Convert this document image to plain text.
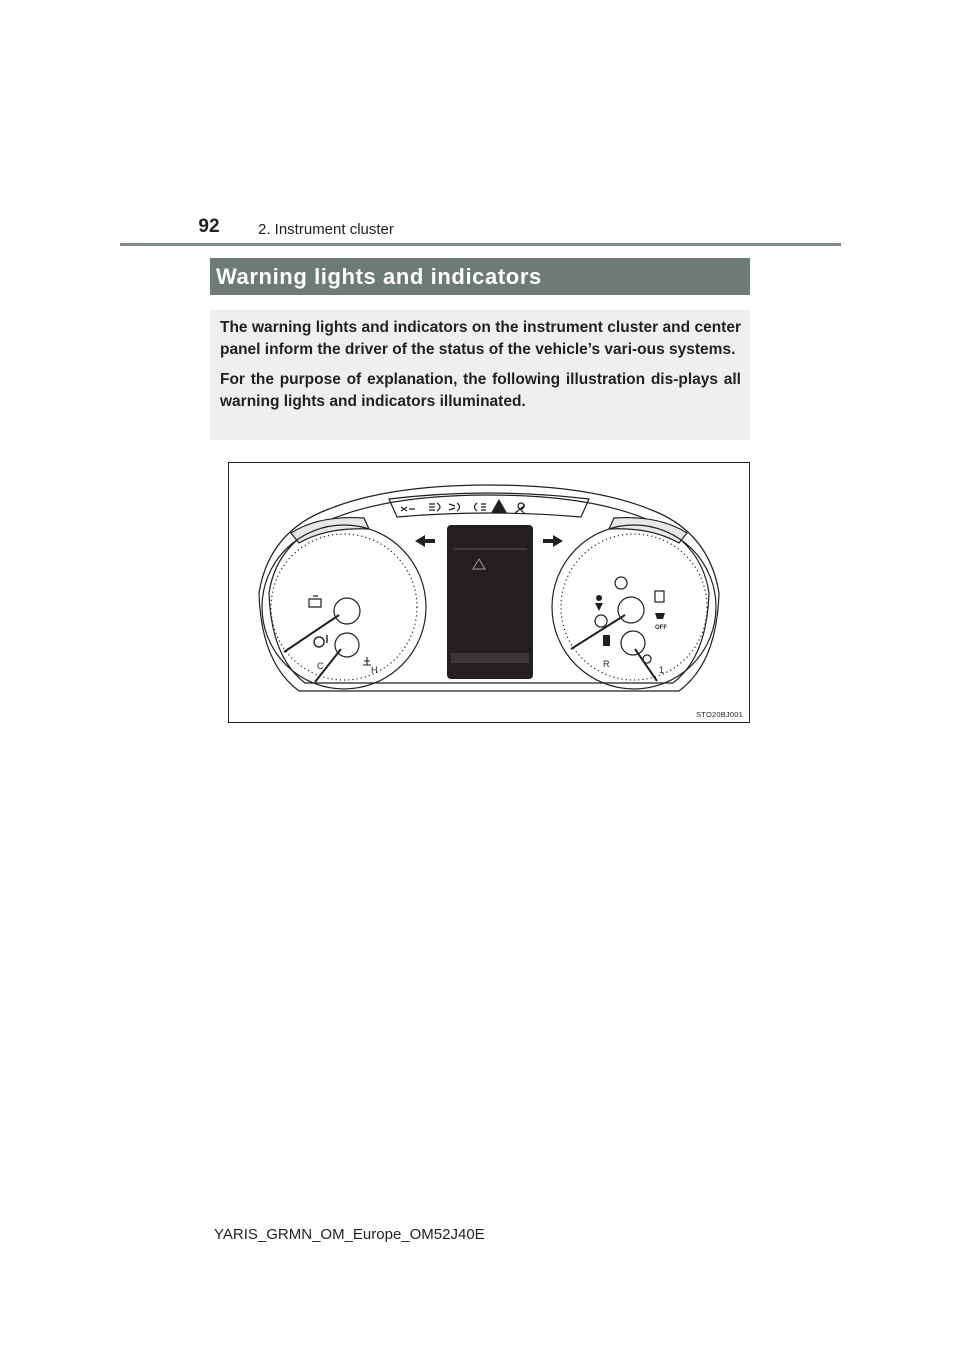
92	2. Instrument cluster
Warning lights and indicators

The warning lights and indicators on the instrument cluster and center panel inform the driver of the status of the vehicle’s vari-ous systems.

For the purpose of explanation, the following illustration dis-plays all warning lights and indicators illuminated.

C	H
R
1
OFF
STO20BJ001
YARIS_GRMN_OM_Europe_OM52J40E
